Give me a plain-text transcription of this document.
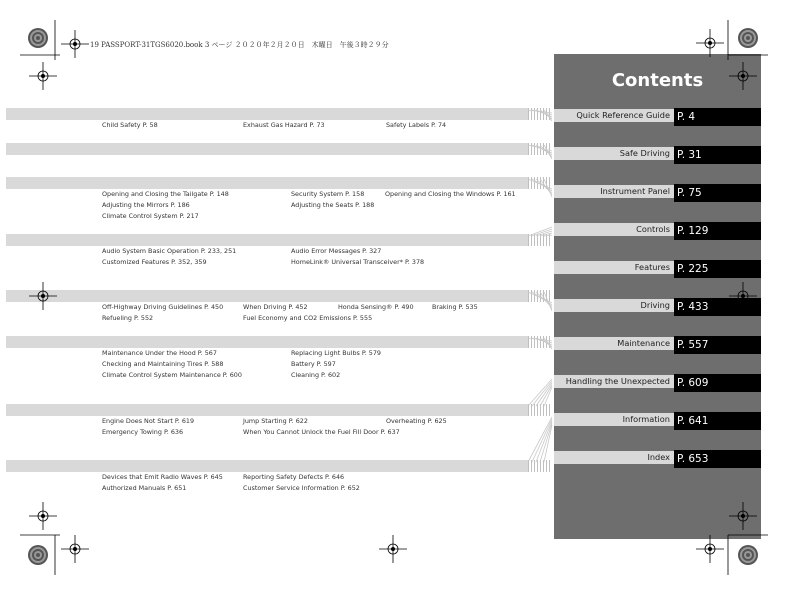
19 PASSPORT-31TGS6020.book 3 ページ ２０２０年２月２０日　木曜日　午後３時２９分
Contents
Child Safety P. 58	Exhaust Gas Hazard P. 73	Safety Labels P. 74
Opening and Closing the Tailgate P. 148	Security System P. 158	Opening and Closing the Windows P. 161
Adjusting the Mirrors P. 186	Adjusting the Seats P. 188
Climate Control System P. 217
Audio System Basic Operation P. 233, 251	Audio Error Messages P. 327
Customized Features P. 352, 359	HomeLink® Universal Transceiver* P. 378
Off-Highway Driving Guidelines P. 450	When Driving P. 452	Honda Sensing® P. 490	Braking P. 535
Refueling P. 552	Fuel Economy and CO2 Emissions P. 555
Maintenance Under the Hood P. 567	Replacing Light Bulbs P. 579
Checking and Maintaining Tires P. 588	Battery P. 597
Climate Control System Maintenance P. 600	Cleaning P. 602
Engine Does Not Start P. 619	Jump Starting P. 622	Overheating P. 625
Emergency Towing P. 636	When You Cannot Unlock the Fuel Fill Door P. 637
Devices that Emit Radio Waves P. 645	Reporting Safety Defects P. 646
Authorized Manuals P. 651	Customer Service Information P. 652
Quick Reference Guide P. 4
Safe Driving P. 31
Instrument Panel P. 75
Controls P. 129
Features P. 225
Driving P. 433
Maintenance P. 557
Handling the Unexpected P. 609
Information P. 641
Index P. 653
